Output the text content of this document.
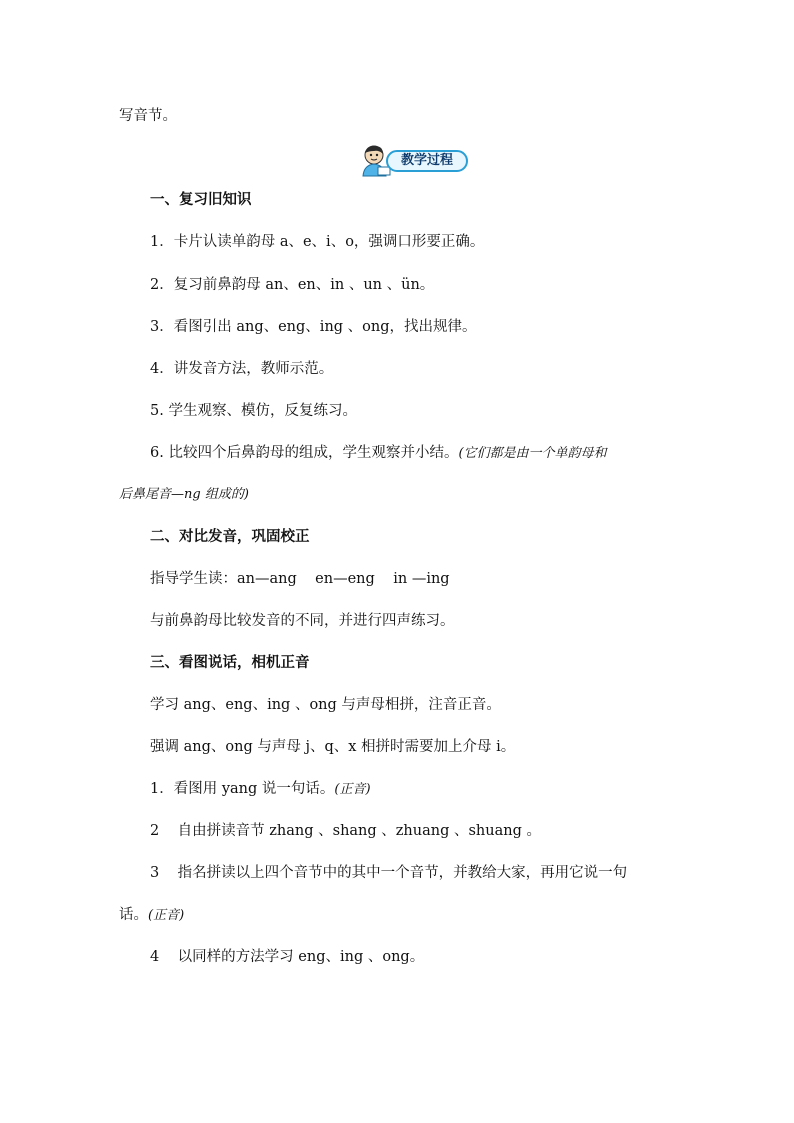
写音节。
教学过程
一、复习旧知识
1．卡片认读单韵母 a、e、i、o，强调口形要正确。
2．复习前鼻韵母 an、en、in 、un 、ün。
3．看图引出 ang、eng、ing 、ong，找出规律。
4．讲发音方法，教师示范。
5. 学生观察、模仿，反复练习。
6. 比较四个后鼻韵母的组成，学生观察并小结。(它们都是由一个单韵母和
后鼻尾音—ng 组成的)
二、对比发音，巩固校正
指导学生读：an—ang    en—eng    in —ing
与前鼻韵母比较发音的不同，并进行四声练习。
三、看图说话，相机正音
学习 ang、eng、ing 、ong 与声母相拼，注音正音。
强调 ang、ong 与声母 j、q、x 相拼时需要加上介母 i。
1．看图用 yang 说一句话。(正音)
2    自由拼读音节 zhang 、shang 、zhuang 、shuang 。
3    指名拼读以上四个音节中的其中一个音节，并教给大家，再用它说一句
话。(正音)
4    以同样的方法学习 eng、ing 、ong。
